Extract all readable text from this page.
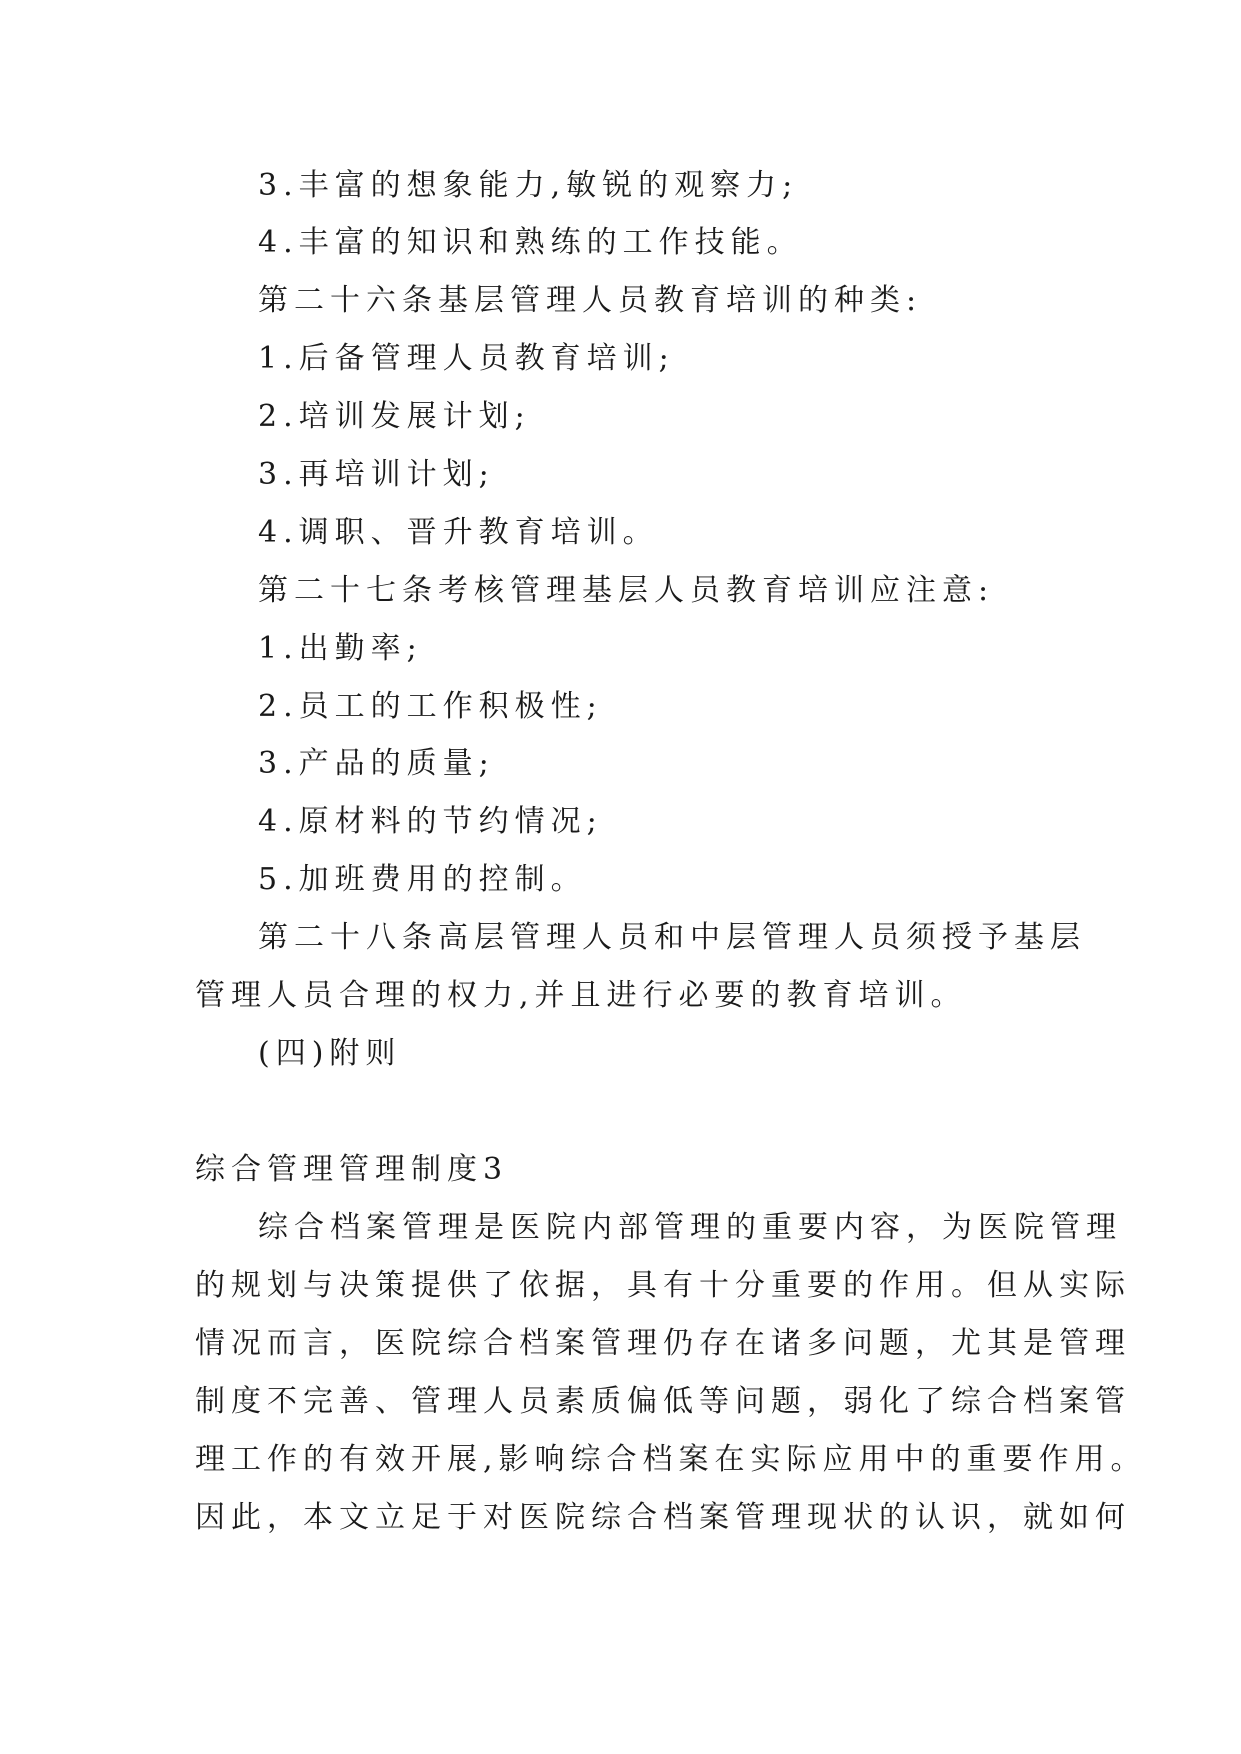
3.丰富的想象能力,敏锐的观察力;
4.丰富的知识和熟练的工作技能。
第二十六条基层管理人员教育培训的种类:
1.后备管理人员教育培训;
2.培训发展计划;
3.再培训计划;
4.调职、晋升教育培训。
第二十七条考核管理基层人员教育培训应注意:
1.出勤率;
2.员工的工作积极性;
3.产品的质量;
4.原材料的节约情况;
5.加班费用的控制。
第二十八条高层管理人员和中层管理人员须授予基层
管理人员合理的权力,并且进行必要的教育培训。
(四)附则
综合管理管理制度3
综合档案管理是医院内部管理的重要内容，为医院管理
的规划与决策提供了依据，具有十分重要的作用。但从实际
情况而言，医院综合档案管理仍存在诸多问题，尤其是管理
制度不完善、管理人员素质偏低等问题，弱化了综合档案管
理工作的有效开展,影响综合档案在实际应用中的重要作用。
因此，本文立足于对医院综合档案管理现状的认识，就如何
